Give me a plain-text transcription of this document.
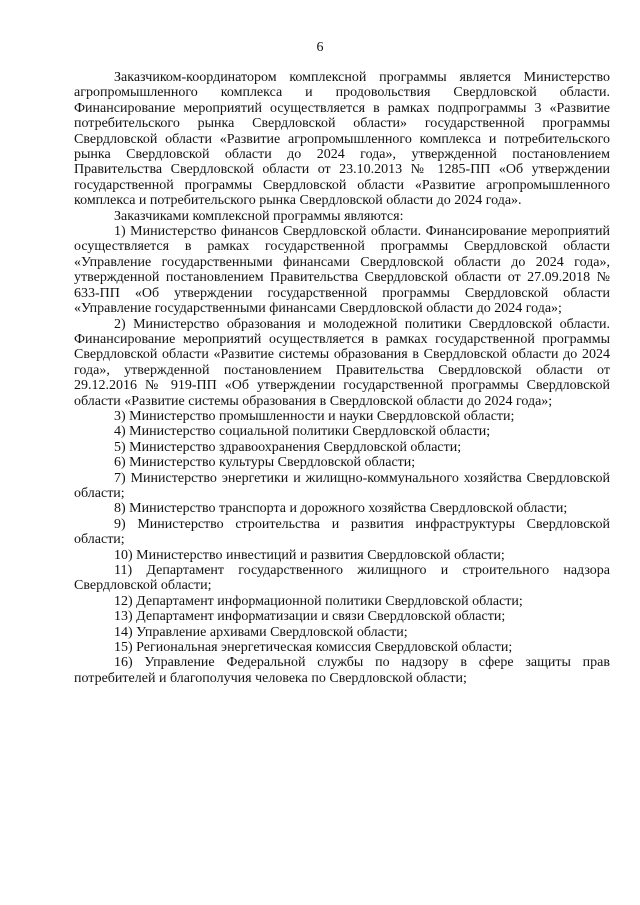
6

Заказчиком-координатором комплексной программы является Министерство агропромышленного комплекса и продовольствия Свердловской области. Финансирование мероприятий осуществляется в рамках подпрограммы 3 «Развитие потребительского рынка Свердловской области» государственной программы Свердловской области «Развитие агропромышленного комплекса и потребительского рынка Свердловской области до 2024 года», утвержденной постановлением Правительства Свердловской области от 23.10.2013 № 1285-ПП «Об утверждении государственной программы Свердловской области «Развитие агропромышленного комплекса и потребительского рынка Свердловской области до 2024 года».

Заказчиками комплексной программы являются:

1) Министерство финансов Свердловской области. Финансирование мероприятий осуществляется в рамках государственной программы Свердловской области «Управление государственными финансами Свердловской области до 2024 года», утвержденной постановлением Правительства Свердловской области от 27.09.2018 № 633-ПП «Об утверждении государственной программы Свердловской области «Управление государственными финансами Свердловской области до 2024 года»;

2) Министерство образования и молодежной политики Свердловской области. Финансирование мероприятий осуществляется в рамках государственной программы Свердловской области «Развитие системы образования в Свердловской области до 2024 года», утвержденной постановлением Правительства Свердловской области от 29.12.2016 № 919-ПП «Об утверждении государственной программы Свердловской области «Развитие системы образования в Свердловской области до 2024 года»;

3) Министерство промышленности и науки Свердловской области;

4) Министерство социальной политики Свердловской области;

5) Министерство здравоохранения Свердловской области;

6) Министерство культуры Свердловской области;

7) Министерство энергетики и жилищно-коммунального хозяйства Свердловской области;

8) Министерство транспорта и дорожного хозяйства Свердловской области;

9) Министерство строительства и развития инфраструктуры Свердловской области;

10) Министерство инвестиций и развития Свердловской области;

11) Департамент государственного жилищного и строительного надзора Свердловской области;

12) Департамент информационной политики Свердловской области;

13) Департамент информатизации и связи Свердловской области;

14) Управление архивами Свердловской области;

15) Региональная энергетическая комиссия Свердловской области;

16) Управление Федеральной службы по надзору в сфере защиты прав потребителей и благополучия человека по Свердловской области;
